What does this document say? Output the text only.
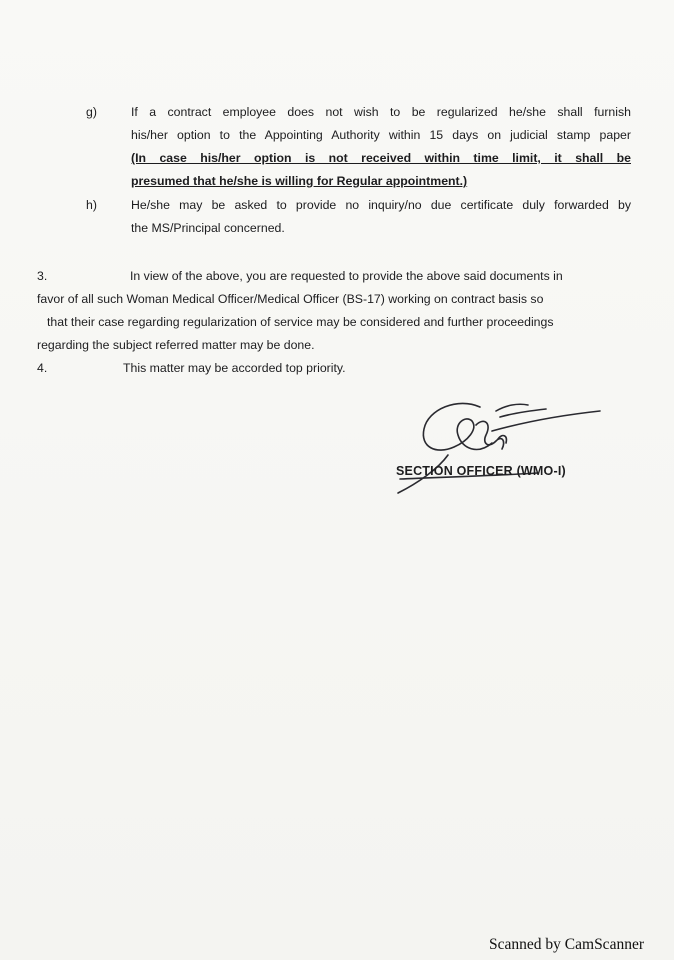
g)	If a contract employee does not wish to be regularized he/she shall furnish
his/her option to the Appointing Authority within 15 days on judicial stamp paper
(In case his/her option is not received within time limit, it shall be
presumed that he/she is willing for Regular appointment.)
h)	He/she may be asked to provide no inquiry/no due certificate duly forwarded by
the MS/Principal concerned.
3.	In view of the above, you are requested to provide the above said documents in
favor of all such Woman Medical Officer/Medical Officer (BS-17) working on contract basis so
that their case regarding regularization of service may be considered and further proceedings
regarding the subject referred matter may be done.
4.	This matter may be accorded top priority.
SECTION OFFICER (WMO-I)
Scanned by CamScanner
